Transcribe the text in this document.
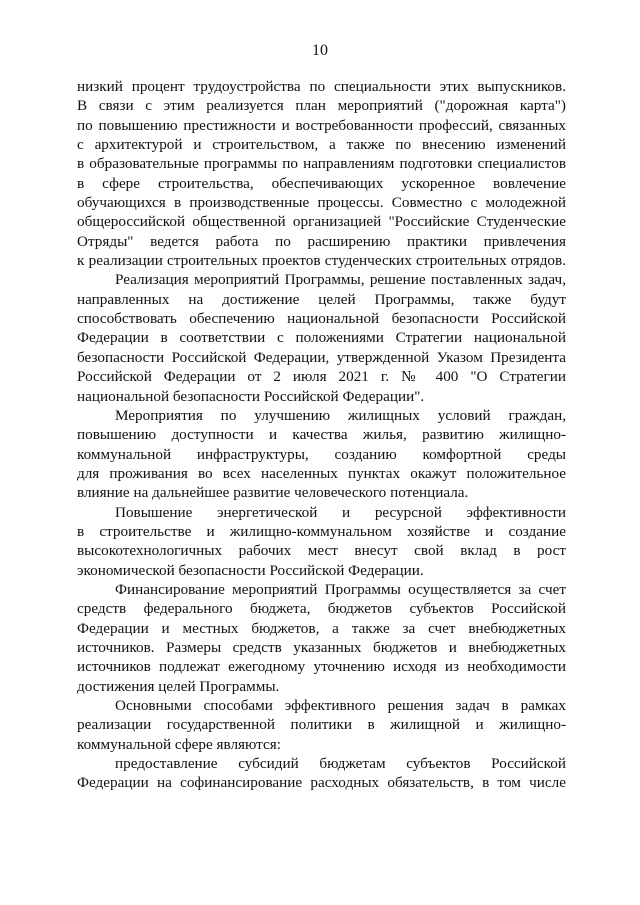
10
низкий процент трудоустройства по специальности этих выпускников.
В связи с этим реализуется план мероприятий ("дорожная карта")
по повышению престижности и востребованности профессий, связанных
с архитектурой и строительством, а также по внесению изменений
в образовательные программы по направлениям подготовки специалистов
в сфере строительства, обеспечивающих ускоренное вовлечение
обучающихся в производственные процессы. Совместно с молодежной
общероссийской общественной организацией "Российские Студенческие
Отряды" ведется работа по расширению практики привлечения
к реализации строительных проектов студенческих строительных отрядов.
Реализация мероприятий Программы, решение поставленных задач,
направленных на достижение целей Программы, также будут
способствовать обеспечению национальной безопасности Российской
Федерации в соответствии с положениями Стратегии национальной
безопасности Российской Федерации, утвержденной Указом Президента
Российской Федерации от 2 июля 2021 г. № 400 "О Стратегии
национальной безопасности Российской Федерации".
Мероприятия по улучшению жилищных условий граждан,
повышению доступности и качества жилья, развитию жилищно-
коммунальной инфраструктуры, созданию комфортной среды
для проживания во всех населенных пунктах окажут положительное
влияние на дальнейшее развитие человеческого потенциала.
Повышение энергетической и ресурсной эффективности
в строительстве и жилищно-коммунальном хозяйстве и создание
высокотехнологичных рабочих мест внесут свой вклад в рост
экономической безопасности Российской Федерации.
Финансирование мероприятий Программы осуществляется за счет
средств федерального бюджета, бюджетов субъектов Российской
Федерации и местных бюджетов, а также за счет внебюджетных
источников. Размеры средств указанных бюджетов и внебюджетных
источников подлежат ежегодному уточнению исходя из необходимости
достижения целей Программы.
Основными способами эффективного решения задач в рамках
реализации государственной политики в жилищной и жилищно-
коммунальной сфере являются:
предоставление субсидий бюджетам субъектов Российской
Федерации на софинансирование расходных обязательств, в том числе
